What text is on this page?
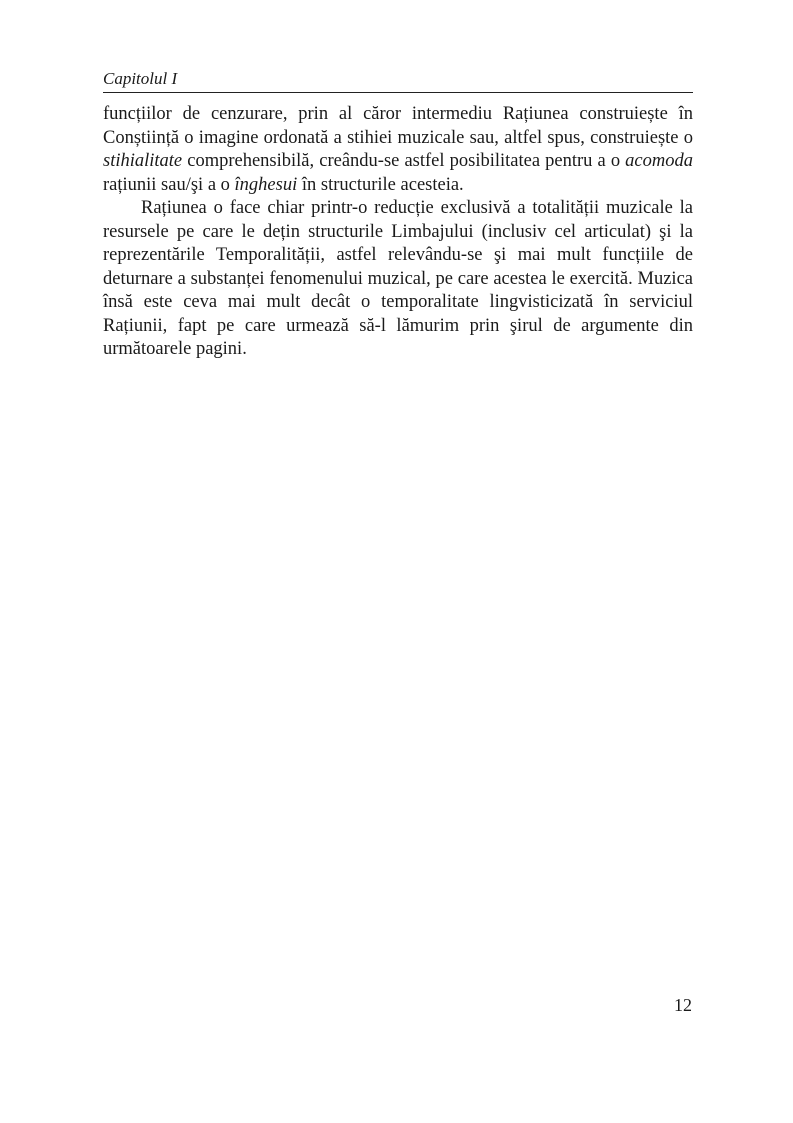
Capitolul I

funcțiilor de cenzurare, prin al căror intermediu Rațiunea construiește în Conștiință o imagine ordonată a stihiei muzicale sau, altfel spus, construiește o stihialitate comprehensibilă, creându-se astfel posibilitatea pentru a o acomoda rațiunii sau/şi a o înghesui în structurile acesteia.

Rațiunea o face chiar printr-o reducție exclusivă a totalității muzicale la resursele pe care le dețin structurile Limbajului (inclusiv cel articulat) şi la reprezentările Temporalității, astfel relevându-se şi mai mult funcțiile de deturnare a substanței fenomenului muzical, pe care acestea le exercită. Muzica însă este ceva mai mult decât o temporalitate lingvisticizată în serviciul Rațiunii, fapt pe care urmează să-l lămurim prin şirul de argumente din următoarele pagini.

12
